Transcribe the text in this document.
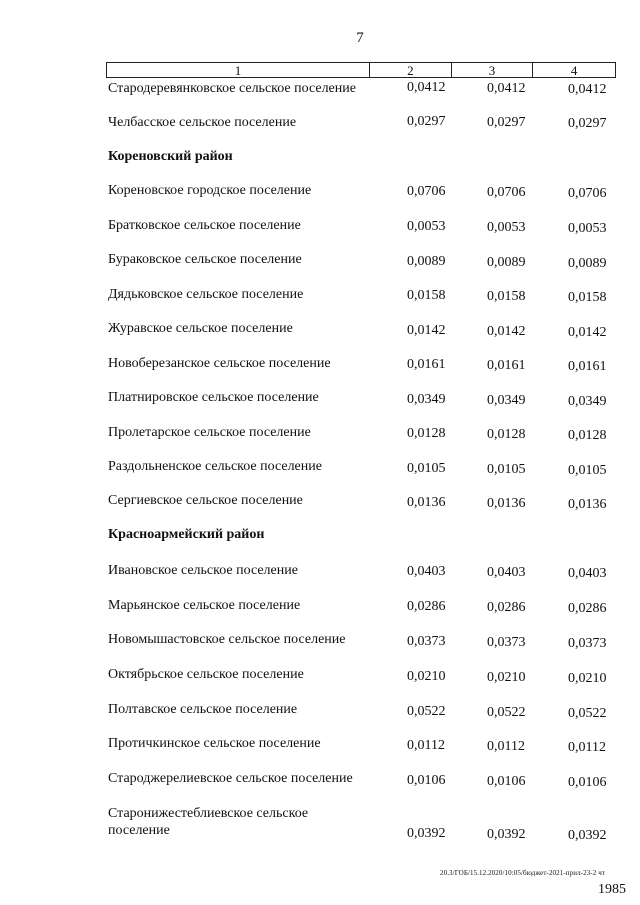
7
1	2	3	4
Стародеревянковское сельское поселение	0,0412	0,0412	0,0412
Челбасское сельское поселение	0,0297	0,0297	0,0297
Кореновский район
Кореновское городское поселение	0,0706	0,0706	0,0706
Братковское сельское поселение	0,0053	0,0053	0,0053
Бураковское сельское поселение	0,0089	0,0089	0,0089
Дядьковское сельское поселение	0,0158	0,0158	0,0158
Журавское сельское поселение	0,0142	0,0142	0,0142
Новоберезанское сельское поселение	0,0161	0,0161	0,0161
Платнировское сельское поселение	0,0349	0,0349	0,0349
Пролетарское сельское поселение	0,0128	0,0128	0,0128
Раздольненское сельское поселение	0,0105	0,0105	0,0105
Сергиевское сельское поселение	0,0136	0,0136	0,0136
Красноармейский район
Ивановское сельское поселение	0,0403	0,0403	0,0403
Марьянское сельское поселение	0,0286	0,0286	0,0286
Новомышастовское сельское поселение	0,0373	0,0373	0,0373
Октябрьское сельское поселение	0,0210	0,0210	0,0210
Полтавское сельское поселение	0,0522	0,0522	0,0522
Протичкинское сельское поселение	0,0112	0,0112	0,0112
Староджерелиевское сельское поселение	0,0106	0,0106	0,0106
Старонижестеблиевское сельское поселение	0,0392	0,0392	0,0392
20.3/ГОБ/15.12.2020/10:05/бюджет-2021-прил-23-2 чт
1985
